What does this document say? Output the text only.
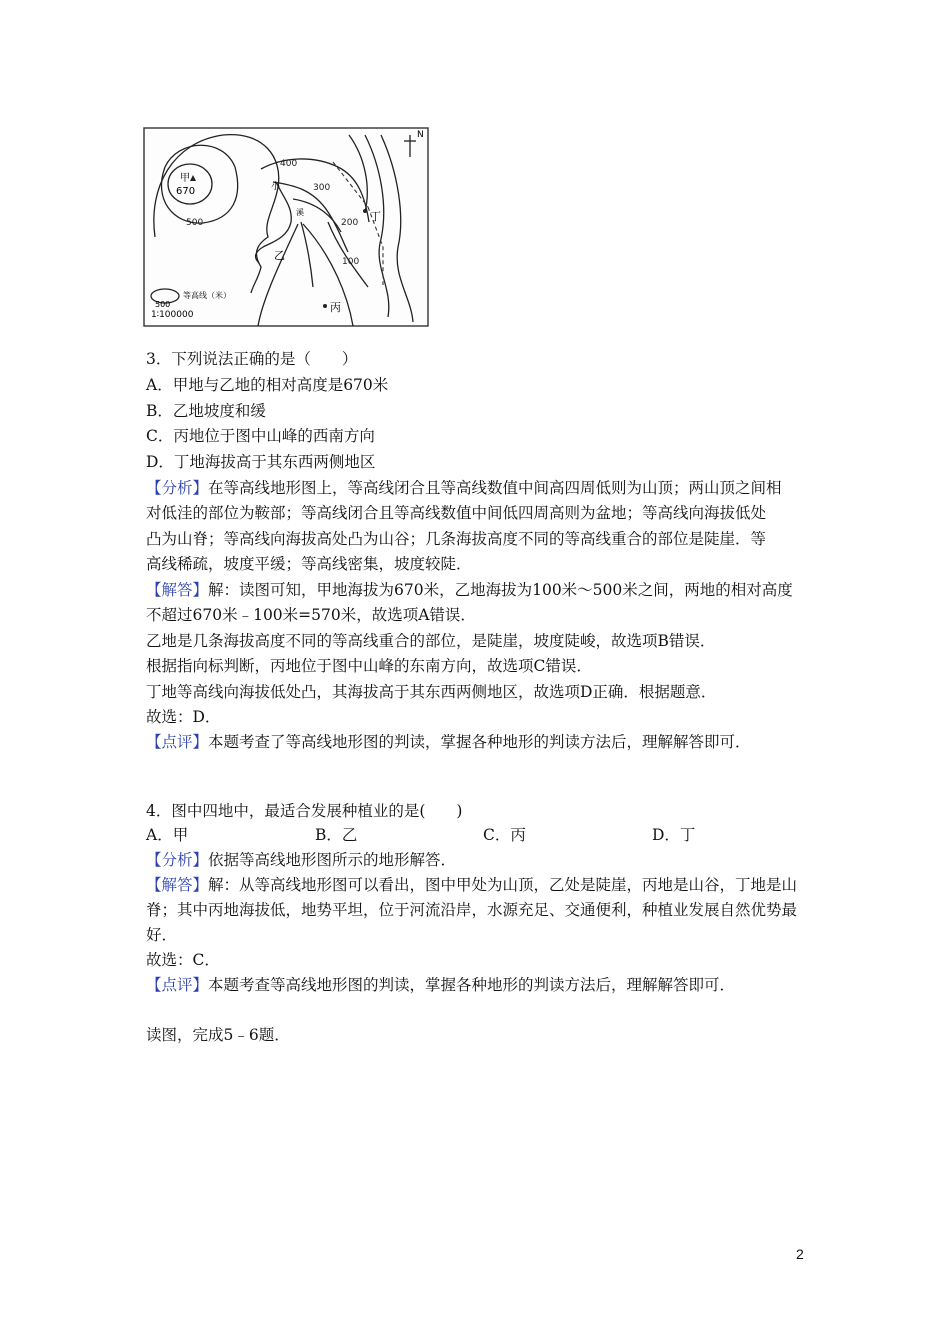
N
甲
670
400
300
200
100
500
小
溪
乙
丁
丙
500
等高线（米）
1∶100000
3．下列说法正确的是（　　）
A．甲地与乙地的相对高度是670米
B．乙地坡度和缓
C．丙地位于图中山峰的西南方向
D．丁地海拔高于其东西两侧地区
【分析】在等高线地形图上，等高线闭合且等高线数值中间高四周低则为山顶；两山顶之间相
对低洼的部位为鞍部；等高线闭合且等高线数值中间低四周高则为盆地；等高线向海拔低处
凸为山脊；等高线向海拔高处凸为山谷；几条海拔高度不同的等高线重合的部位是陡崖．等
高线稀疏，坡度平缓；等高线密集，坡度较陡．
【解答】解：读图可知，甲地海拔为670米，乙地海拔为100米～500米之间，两地的相对高度
不超过670米﹣100米=570米，故选项A错误．
乙地是几条海拔高度不同的等高线重合的部位，是陡崖，坡度陡峻，故选项B错误．
根据指向标判断，丙地位于图中山峰的东南方向，故选项C错误．
丁地等高线向海拔低处凸，其海拔高于其东西两侧地区，故选项D正确．根据题意．
故选：D．
【点评】本题考查了等高线地形图的判读，掌握各种地形的判读方法后，理解解答即可．
4．图中四地中，最适合发展种植业的是(　　)
A．甲	B．乙	C．丙	D．丁
【分析】依据等高线地形图所示的地形解答．
【解答】解：从等高线地形图可以看出，图中甲处为山顶，乙处是陡崖，丙地是山谷，丁地是山
脊；其中丙地海拔低，地势平坦，位于河流沿岸，水源充足、交通便利，种植业发展自然优势最
好．
故选：C．
【点评】本题考查等高线地形图的判读，掌握各种地形的判读方法后，理解解答即可．
读图，完成5﹣6题．
2
